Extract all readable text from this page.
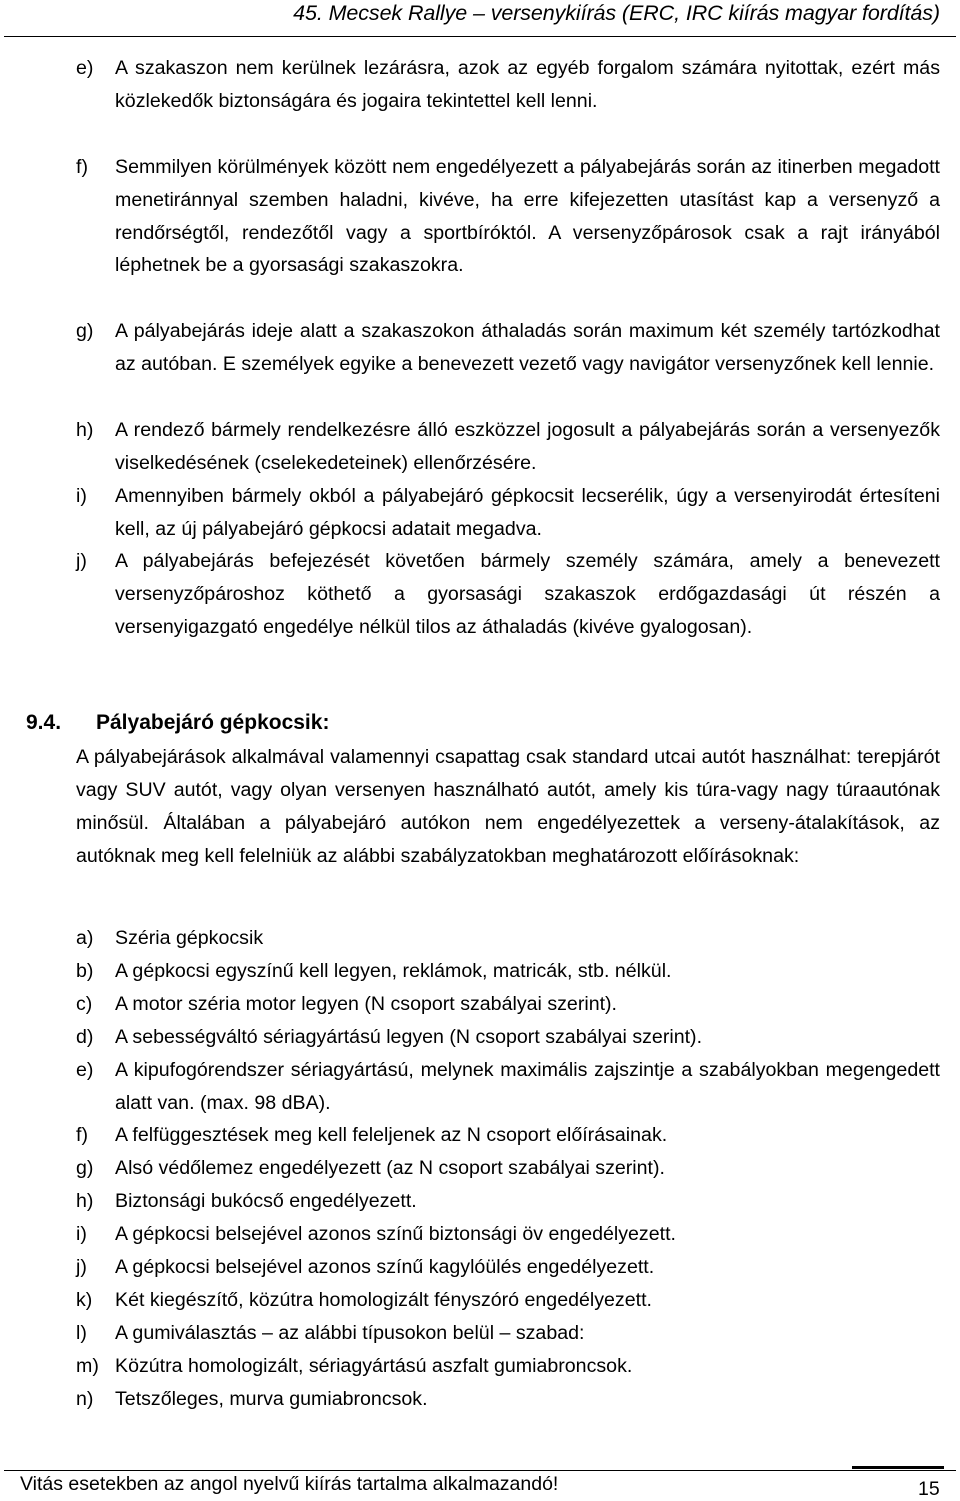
45. Mecsek Rallye – versenykiírás (ERC, IRC kiírás magyar fordítás)
e) A szakaszon nem kerülnek lezárásra, azok az egyéb forgalom számára nyitottak, ezért más közlekedők biztonságára és jogaira tekintettel kell lenni.
f) Semmilyen körülmények között nem engedélyezett a pályabejárás során az itinerben megadott menetiránnyal szemben haladni, kivéve, ha erre kifejezetten utasítást kap a versenyző a rendőrségtől, rendezőtől vagy a sportbíróktól. A versenyzőpárosok csak a rajt irányából léphetnek be a gyorsasági szakaszokra.
g) A pályabejárás ideje alatt a szakaszokon áthaladás során maximum két személy tartózkodhat az autóban. E személyek egyike a benevezett vezető vagy navigátor versenyzőnek kell lennie.
h) A rendező bármely rendelkezésre álló eszközzel jogosult a pályabejárás során a versenyezők viselkedésének (cselekedeteinek) ellenőrzésére.
i) Amennyiben bármely okból a pályabejáró gépkocsit lecserélik, úgy a versenyirodát értesíteni kell, az új pályabejáró gépkocsi adatait megadva.
j) A pályabejárás befejezését követően bármely személy számára, amely a benevezett versenyzőpároshoz köthető a gyorsasági szakaszok erdőgazdasági út részén a versenyigazgató engedélye nélkül tilos az áthaladás (kivéve gyalogosan).
9.4. Pályabejáró gépkocsik:
A pályabejárások alkalmával valamennyi csapattag csak standard utcai autót használhat: terepjárót vagy SUV autót, vagy olyan versenyen használható autót, amely kis túra-vagy nagy túraautónak minősül. Általában a pályabejáró autókon nem engedélyezettek a verseny-átalakítások, az autóknak meg kell felelniük az alábbi szabályzatokban meghatározott előírásoknak:
a) Széria gépkocsik
b) A gépkocsi egyszínű kell legyen, reklámok, matricák, stb. nélkül.
c) A motor széria motor legyen (N csoport szabályai szerint).
d) A sebességváltó sériagyártású legyen (N csoport szabályai szerint).
e) A kipufogórendszer sériagyártású, melynek maximális zajszintje a szabályokban megengedett alatt van. (max. 98 dBA).
f) A felfüggesztések meg kell feleljenek az N csoport előírásainak.
g) Alsó védőlemez engedélyezett (az N csoport szabályai szerint).
h) Biztonsági bukócső engedélyezett.
i) A gépkocsi belsejével azonos színű biztonsági öv engedélyezett.
j) A gépkocsi belsejével azonos színű kagylóülés engedélyezett.
k) Két kiegészítő, közútra homologizált fényszóró engedélyezett.
l) A gumiválasztás – az alábbi típusokon belül – szabad:
m) Közútra homologizált, sériagyártású aszfalt gumiabroncsok.
n) Tetszőleges, murva gumiabroncsok.
Vitás esetekben az angol nyelvű kiírás tartalma alkalmazandó!	15
